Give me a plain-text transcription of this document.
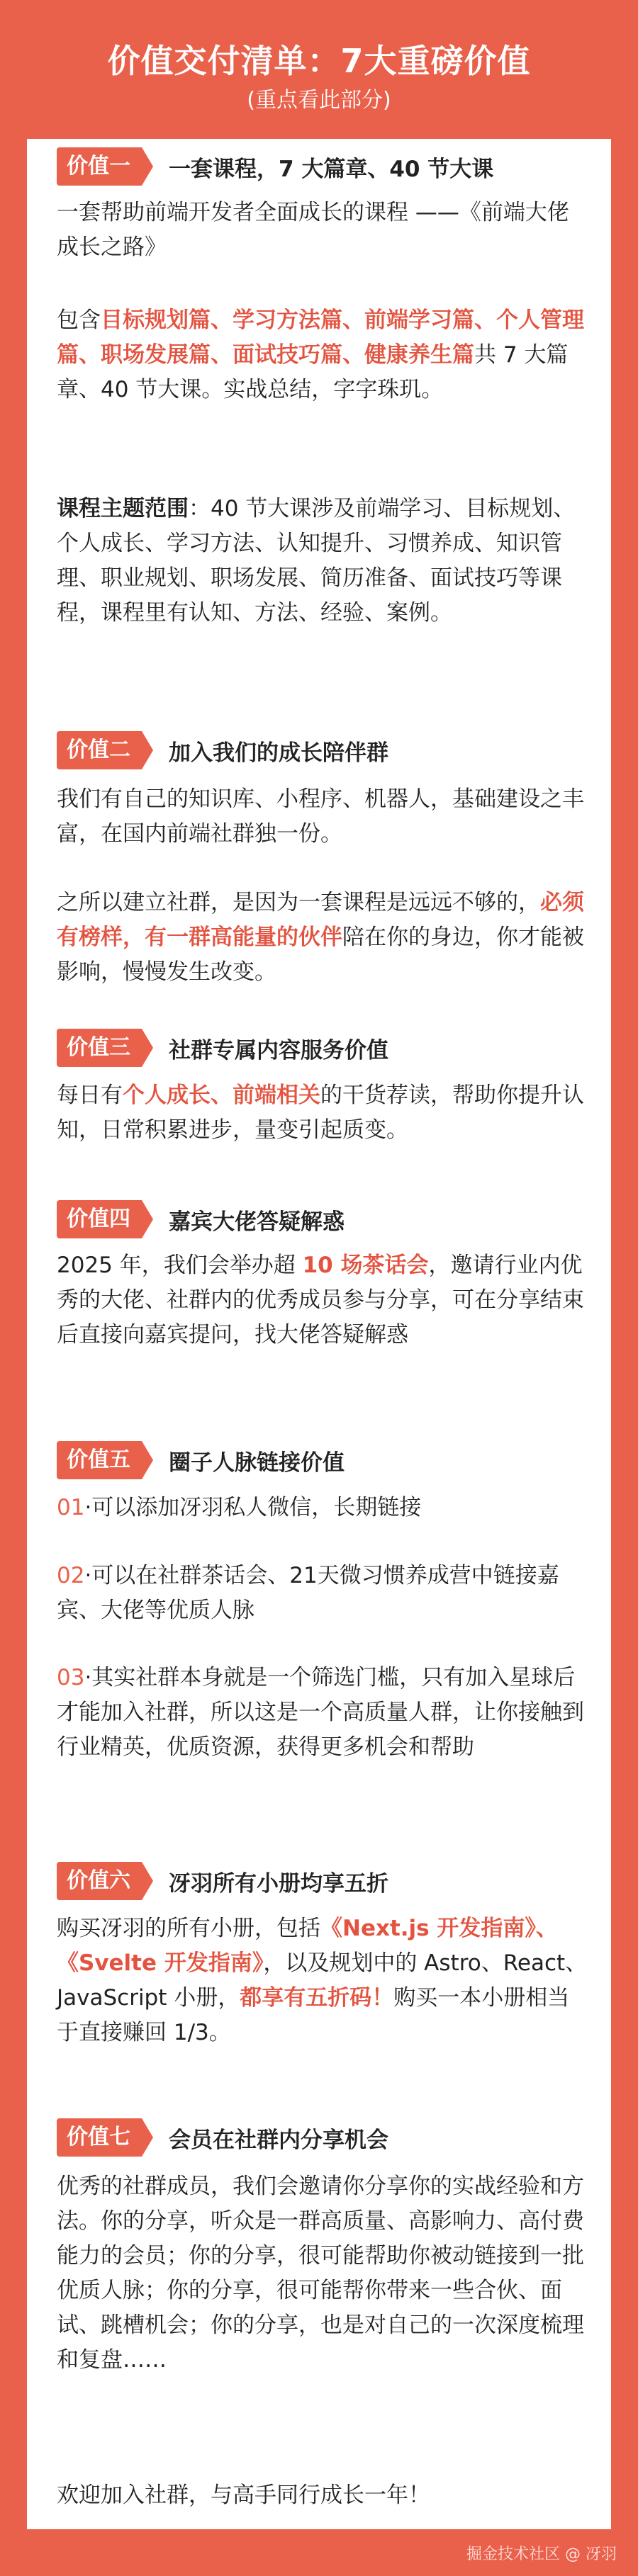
价值交付清单：7大重磅价值
(重点看此部分)
价值一	一套课程，7 大篇章、40 节大课
一套帮助前端开发者全面成长的课程 ——《前端大佬成长之路》
包含目标规划篇、学习方法篇、前端学习篇、个人管理篇、职场发展篇、面试技巧篇、健康养生篇共 7 大篇章、40 节大课。实战总结，字字珠玑。
课程主题范围：40 节大课涉及前端学习、目标规划、个人成长、学习方法、认知提升、习惯养成、知识管理、职业规划、职场发展、简历准备、面试技巧等课程，课程里有认知、方法、经验、案例。
价值二	加入我们的成长陪伴群
我们有自己的知识库、小程序、机器人，基础建设之丰富，在国内前端社群独一份。
之所以建立社群，是因为一套课程是远远不够的，必须有榜样，有一群高能量的伙伴陪在你的身边，你才能被影响，慢慢发生改变。
价值三	社群专属内容服务价值
每日有个人成长、前端相关的干货荐读，帮助你提升认知，日常积累进步，量变引起质变。
价值四	嘉宾大佬答疑解惑
2025 年，我们会举办超 10 场茶话会，邀请行业内优秀的大佬、社群内的优秀成员参与分享，可在分享结束后直接向嘉宾提问，找大佬答疑解惑
价值五	圈子人脉链接价值
01·可以添加冴羽私人微信，长期链接
02·可以在社群茶话会、21天微习惯养成营中链接嘉宾、大佬等优质人脉
03·其实社群本身就是一个筛选门槛，只有加入星球后才能加入社群，所以这是一个高质量人群，让你接触到行业精英，优质资源，获得更多机会和帮助
价值六	冴羽所有小册均享五折
购买冴羽的所有小册，包括《Next.js 开发指南》、《Svelte 开发指南》，以及规划中的 Astro、React、JavaScript 小册，都享有五折码！购买一本小册相当于直接赚回 1/3。
价值七	会员在社群内分享机会
优秀的社群成员，我们会邀请你分享你的实战经验和方法。你的分享，听众是一群高质量、高影响力、高付费能力的会员；你的分享，很可能帮助你被动链接到一批优质人脉；你的分享，很可能帮你带来一些合伙、面试、跳槽机会；你的分享，也是对自己的一次深度梳理和复盘……
欢迎加入社群，与高手同行成长一年！
掘金技术社区 @ 冴羽
